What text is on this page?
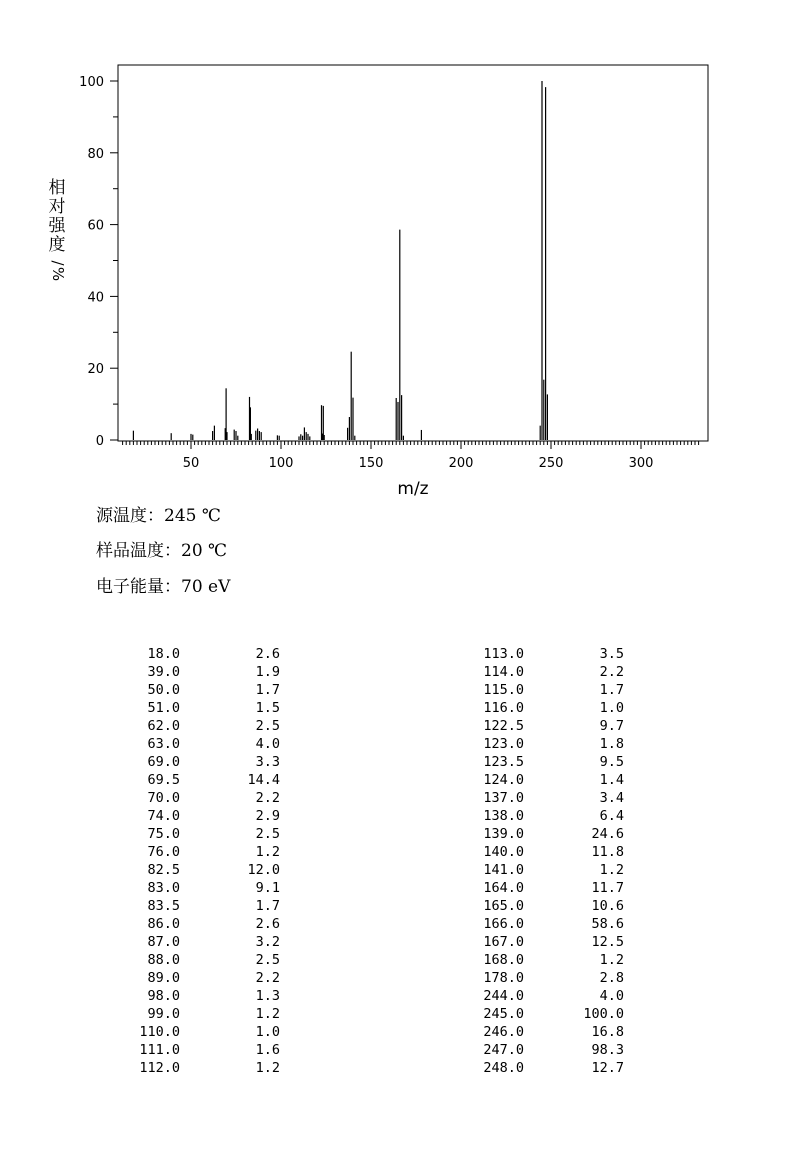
0
20
40
60
80
100
50	100	150	200	250	300
m/z
相
对
强
度
/
%
源温度：245 ℃
样品温度：20 ℃
电子能量：70 eV
18.0	2.6
39.0	1.9
50.0	1.7
51.0	1.5
62.0	2.5
63.0	4.0
69.0	3.3
69.5	14.4
70.0	2.2
74.0	2.9
75.0	2.5
76.0	1.2
82.5	12.0
83.0	9.1
83.5	1.7
86.0	2.6
87.0	3.2
88.0	2.5
89.0	2.2
98.0	1.3
99.0	1.2
110.0	1.0
111.0	1.6
112.0	1.2
113.0	3.5
114.0	2.2
115.0	1.7
116.0	1.0
122.5	9.7
123.0	1.8
123.5	9.5
124.0	1.4
137.0	3.4
138.0	6.4
139.0	24.6
140.0	11.8
141.0	1.2
164.0	11.7
165.0	10.6
166.0	58.6
167.0	12.5
168.0	1.2
178.0	2.8
244.0	4.0
245.0	100.0
246.0	16.8
247.0	98.3
248.0	12.7
